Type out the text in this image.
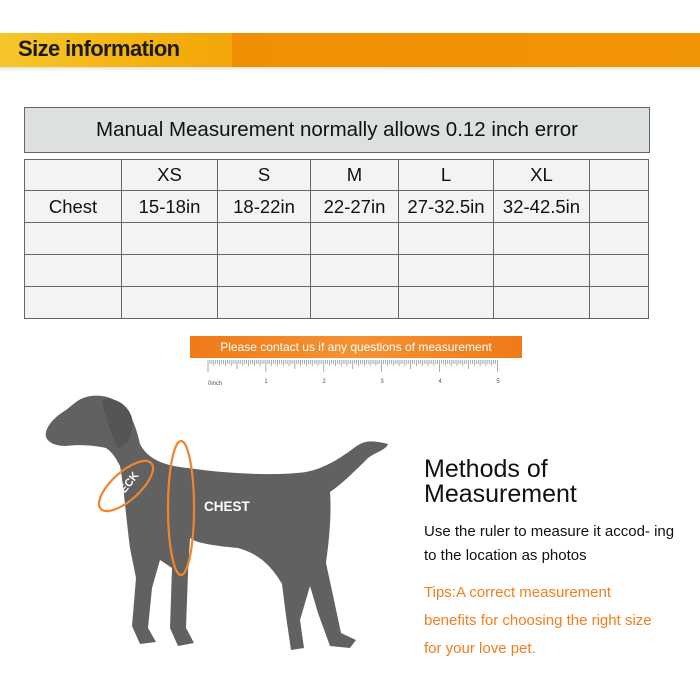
Size information
Manual Measurement normally allows 0.12 inch error
	XS	S	M	L	XL	
Chest	15-18in	18-22in	22-27in	27-32.5in	32-42.5in	

Please contact us if any questions of measurement
0inch	1	2	3	4	5
NECK
CHEST
Methods of
Measurement
Use the ruler to measure it accod- ing to the location as photos
Tips:A correct measurement benefits for choosing the right size for your love pet.
